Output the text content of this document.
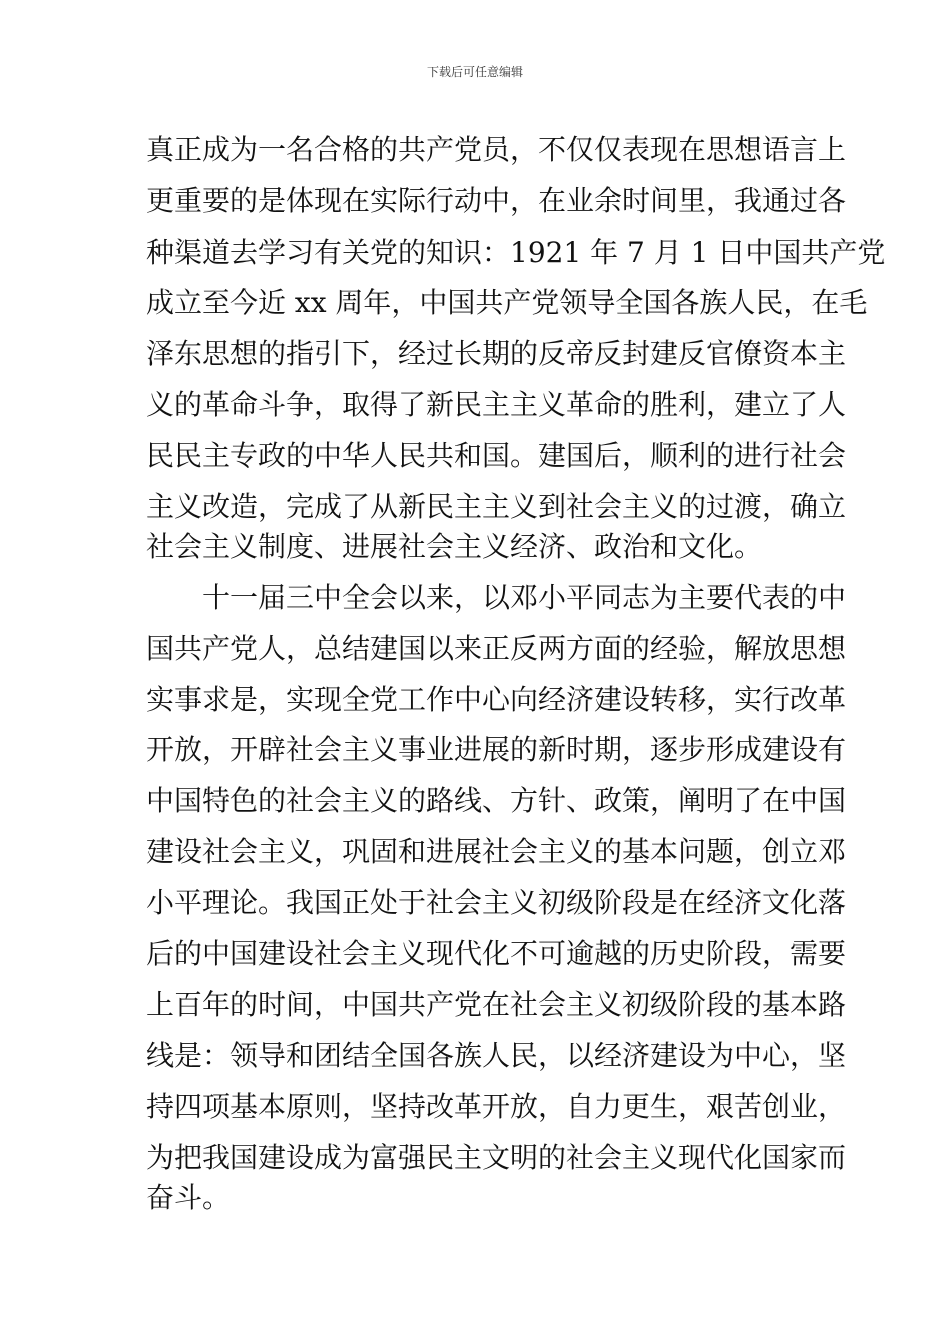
下载后可任意编辑
真正成为一名合格的共产党员，不仅仅表现在思想语言上
更重要的是体现在实际行动中，在业余时间里，我通过各
种渠道去学习有关党的知识：1921 年 7 月 1 日中国共产党
成立至今近 xx 周年，中国共产党领导全国各族人民，在毛
泽东思想的指引下，经过长期的反帝反封建反官僚资本主
义的革命斗争，取得了新民主主义革命的胜利，建立了人
民民主专政的中华人民共和国。建国后，顺利的进行社会
主义改造，完成了从新民主主义到社会主义的过渡，确立
社会主义制度、进展社会主义经济、政治和文化。
十一届三中全会以来，以邓小平同志为主要代表的中
国共产党人，总结建国以来正反两方面的经验，解放思想
实事求是，实现全党工作中心向经济建设转移，实行改革
开放，开辟社会主义事业进展的新时期，逐步形成建设有
中国特色的社会主义的路线、方针、政策，阐明了在中国
建设社会主义，巩固和进展社会主义的基本问题，创立邓
小平理论。我国正处于社会主义初级阶段是在经济文化落
后的中国建设社会主义现代化不可逾越的历史阶段，需要
上百年的时间，中国共产党在社会主义初级阶段的基本路
线是：领导和团结全国各族人民，以经济建设为中心，坚
持四项基本原则，坚持改革开放，自力更生，艰苦创业，
为把我国建设成为富强民主文明的社会主义现代化国家而
奋斗。
